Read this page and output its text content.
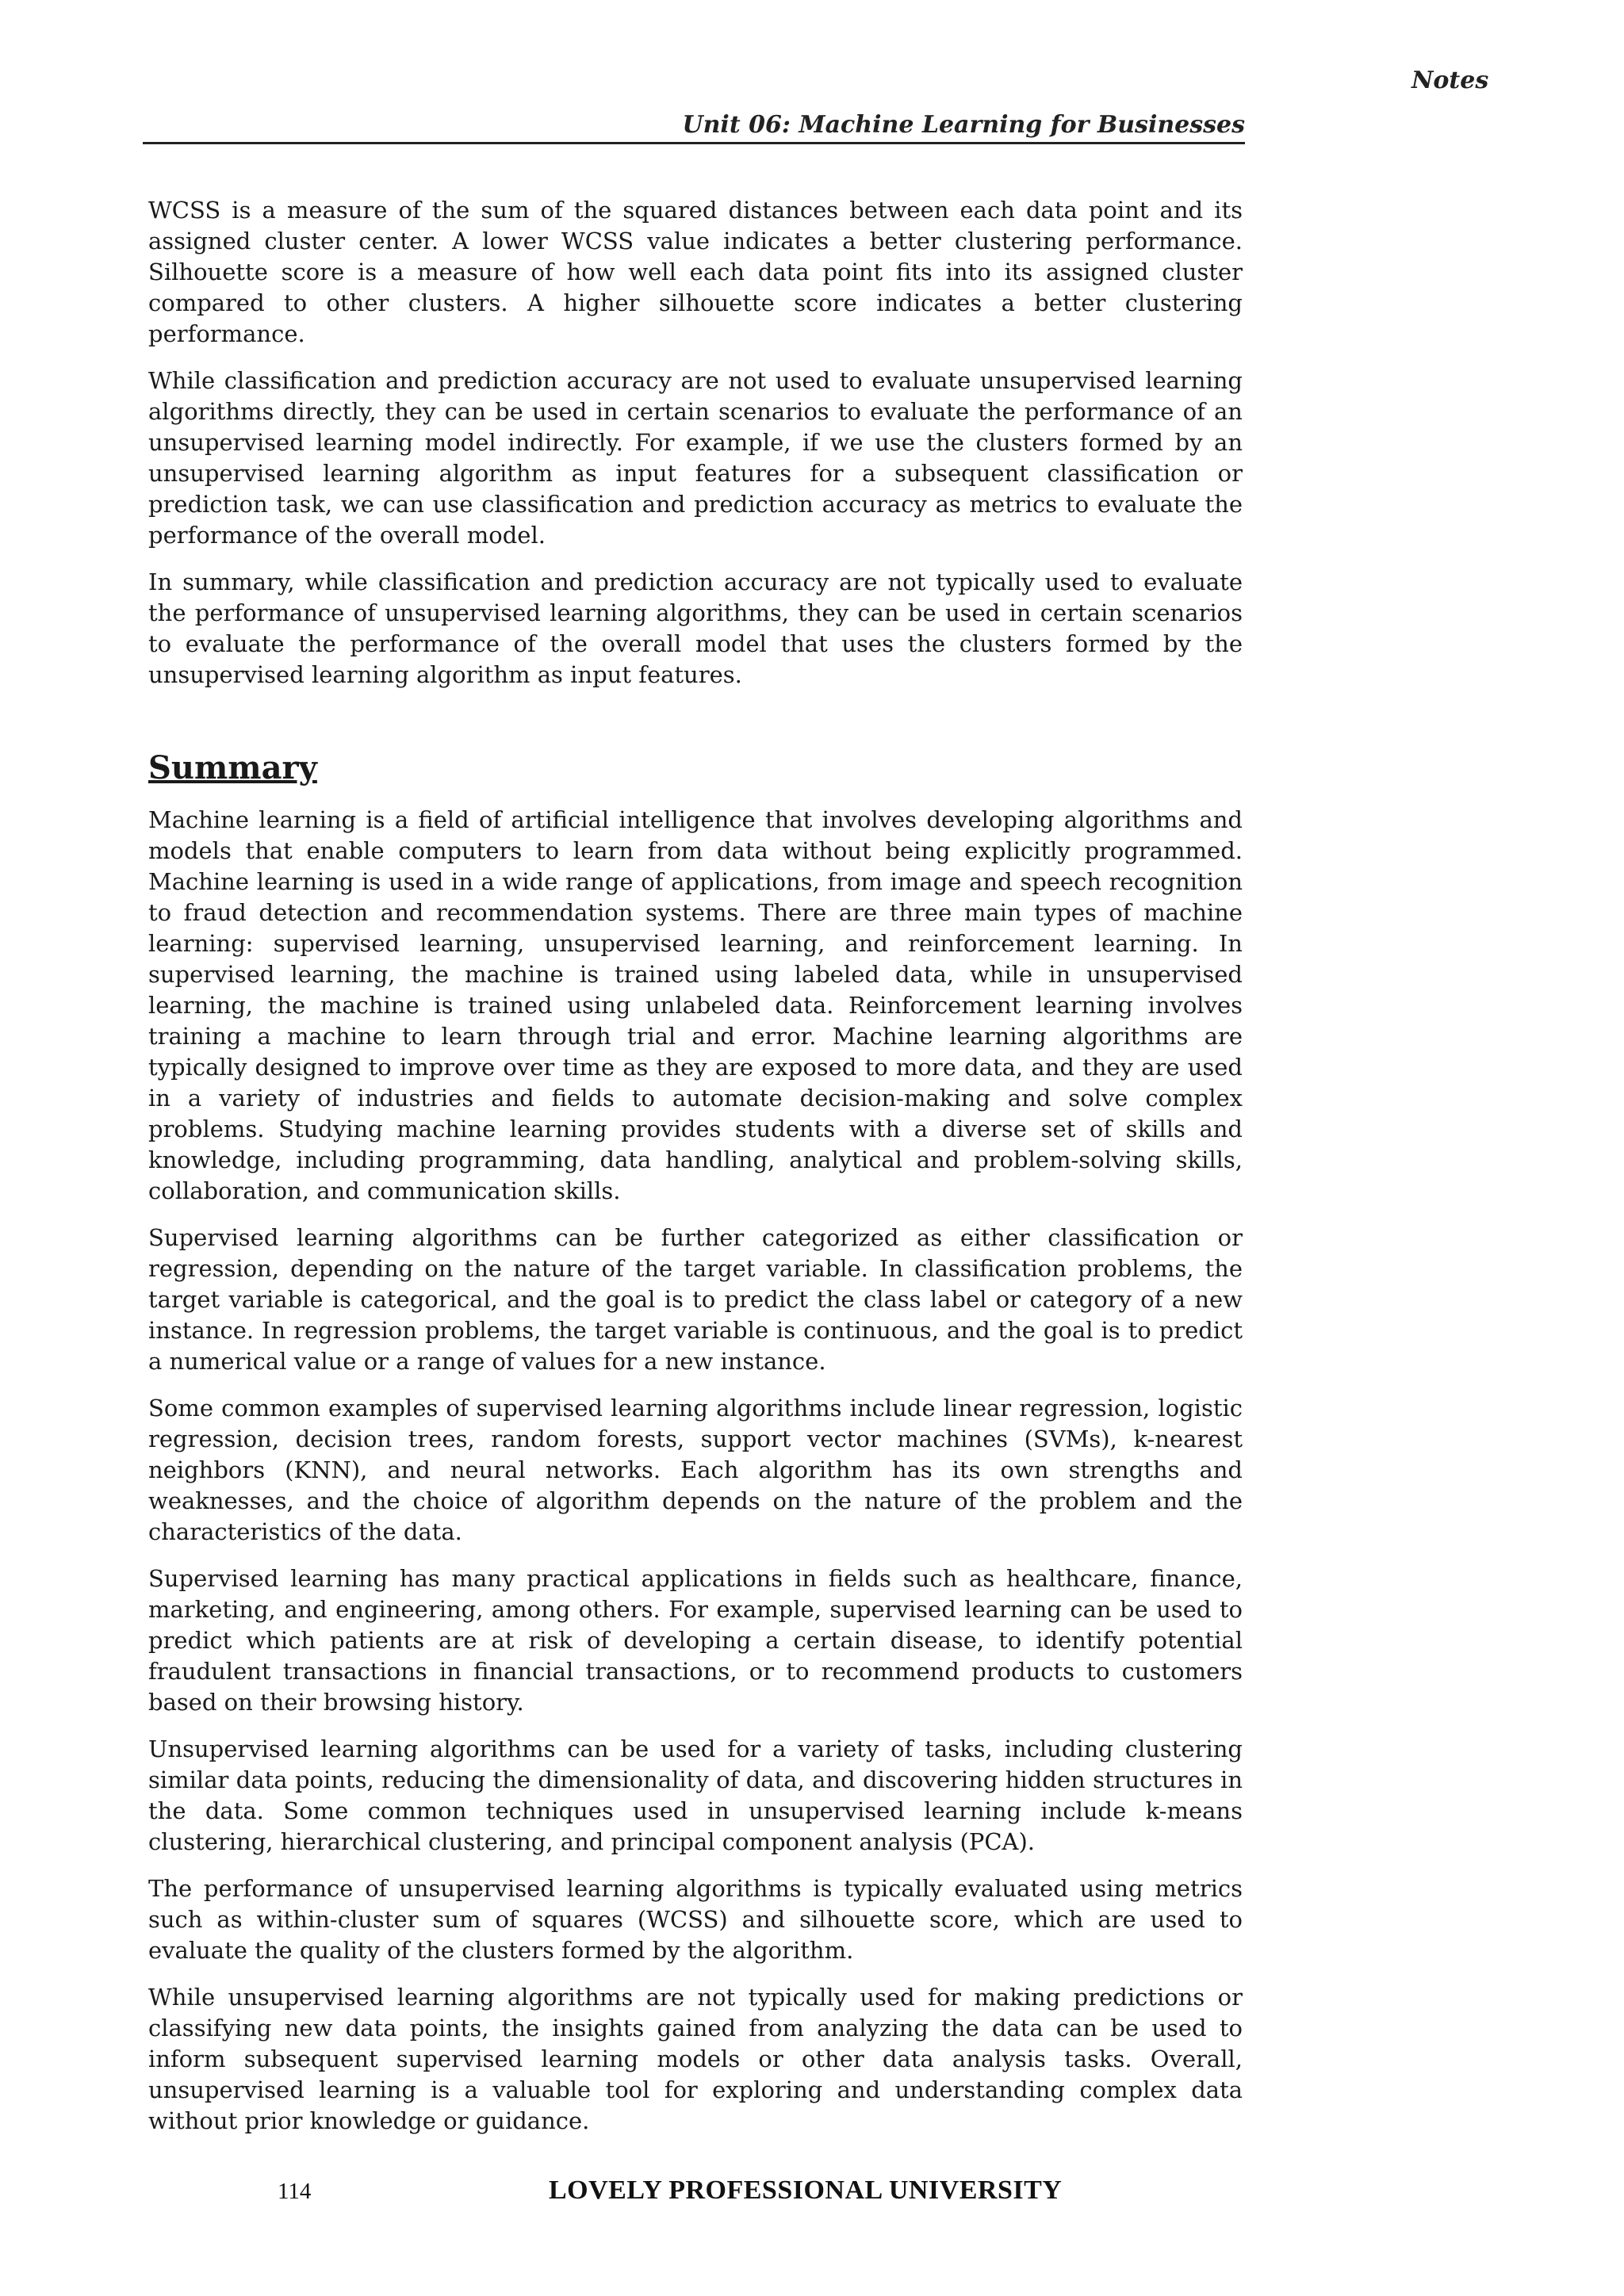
Notes
Unit 06: Machine Learning for Businesses

WCSS is a measure of the sum of the squared distances between each data point and its assigned cluster center. A lower WCSS value indicates a better clustering performance. Silhouette score is a measure of how well each data point fits into its assigned cluster compared to other clusters. A higher silhouette score indicates a better clustering performance.

While classification and prediction accuracy are not used to evaluate unsupervised learning algorithms directly, they can be used in certain scenarios to evaluate the performance of an unsupervised learning model indirectly. For example, if we use the clusters formed by an unsupervised learning algorithm as input features for a subsequent classification or prediction task, we can use classification and prediction accuracy as metrics to evaluate the performance of the overall model.

In summary, while classification and prediction accuracy are not typically used to evaluate the performance of unsupervised learning algorithms, they can be used in certain scenarios to evaluate the performance of the overall model that uses the clusters formed by the unsupervised learning algorithm as input features.

Summary

Machine learning is a field of artificial intelligence that involves developing algorithms and models that enable computers to learn from data without being explicitly programmed. Machine learning is used in a wide range of applications, from image and speech recognition to fraud detection and recommendation systems. There are three main types of machine learning: supervised learning, unsupervised learning, and reinforcement learning. In supervised learning, the machine is trained using labeled data, while in unsupervised learning, the machine is trained using unlabeled data. Reinforcement learning involves training a machine to learn through trial and error. Machine learning algorithms are typically designed to improve over time as they are exposed to more data, and they are used in a variety of industries and fields to automate decision-making and solve complex problems. Studying machine learning provides students with a diverse set of skills and knowledge, including programming, data handling, analytical and problem-solving skills, collaboration, and communication skills.

Supervised learning algorithms can be further categorized as either classification or regression, depending on the nature of the target variable. In classification problems, the target variable is categorical, and the goal is to predict the class label or category of a new instance. In regression problems, the target variable is continuous, and the goal is to predict a numerical value or a range of values for a new instance.

Some common examples of supervised learning algorithms include linear regression, logistic regression, decision trees, random forests, support vector machines (SVMs), k-nearest neighbors (KNN), and neural networks. Each algorithm has its own strengths and weaknesses, and the choice of algorithm depends on the nature of the problem and the characteristics of the data.

Supervised learning has many practical applications in fields such as healthcare, finance, marketing, and engineering, among others. For example, supervised learning can be used to predict which patients are at risk of developing a certain disease, to identify potential fraudulent transactions in financial transactions, or to recommend products to customers based on their browsing history.

Unsupervised learning algorithms can be used for a variety of tasks, including clustering similar data points, reducing the dimensionality of data, and discovering hidden structures in the data. Some common techniques used in unsupervised learning include k-means clustering, hierarchical clustering, and principal component analysis (PCA).

The performance of unsupervised learning algorithms is typically evaluated using metrics such as within-cluster sum of squares (WCSS) and silhouette score, which are used to evaluate the quality of the clusters formed by the algorithm.

While unsupervised learning algorithms are not typically used for making predictions or classifying new data points, the insights gained from analyzing the data can be used to inform subsequent supervised learning models or other data analysis tasks. Overall, unsupervised learning is a valuable tool for exploring and understanding complex data without prior knowledge or guidance.

114	LOVELY PROFESSIONAL UNIVERSITY
